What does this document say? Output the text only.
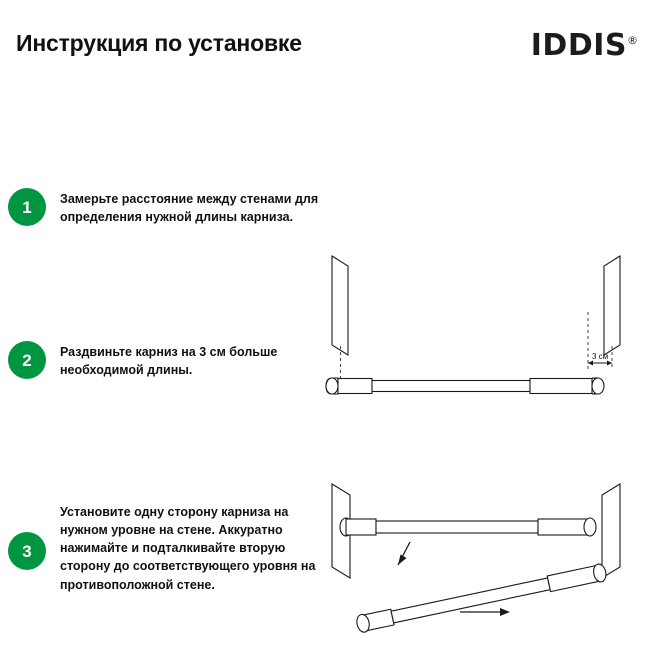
Инструкция по установке	IDDIS®
1	Замерьте расстояние между стенами для определения нужной длины карниза.
2	Раздвиньте карниз на 3 см больше необходимой длины.
3
Установите одну сторону карниза на нужном уровне на стене. Аккуратно нажимайте и подталкивайте вторую сторону до соответствующего уровня на противоположной стене.
3 см
